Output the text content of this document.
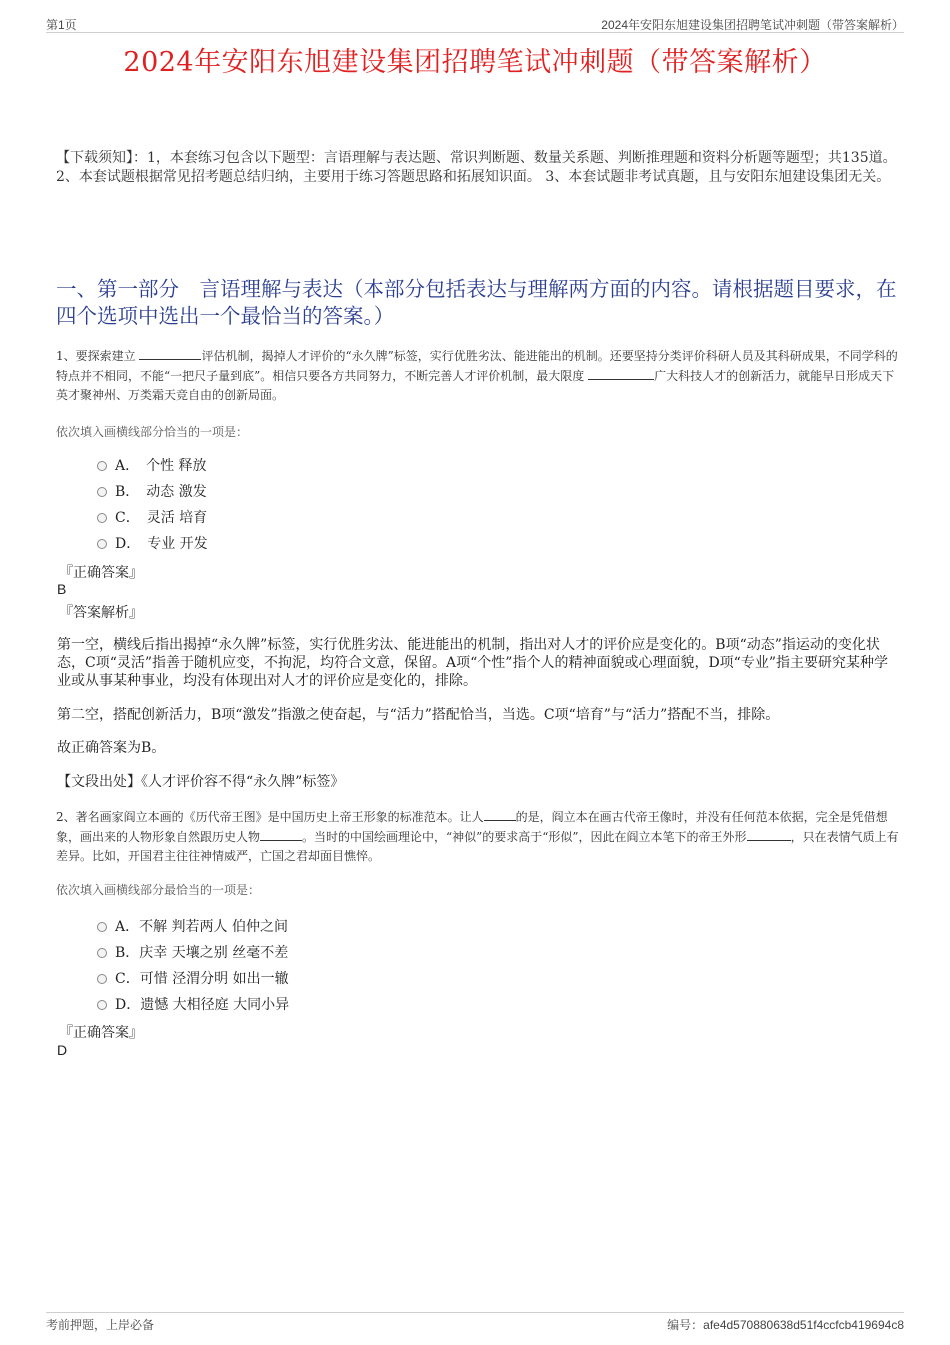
第1页	2024年安阳东旭建设集团招聘笔试冲刺题（带答案解析）
2024年安阳东旭建设集团招聘笔试冲刺题（带答案解析）
【下载须知】：1，本套练习包含以下题型：言语理解与表达题、常识判断题、数量关系题、判断推理题和资料分析题等题型；共135道。 2、本套试题根据常见招考题总结归纳，主要用于练习答题思路和拓展知识面。 3、本套试题非考试真题，且与安阳东旭建设集团无关。
一、第一部分　言语理解与表达（本部分包括表达与理解两方面的内容。请根据题目要求，在四个选项中选出一个最恰当的答案。）
1、要探索建立	评估机制，揭掉人才评价的“永久牌”标签，实行优胜劣汰、能进能出的机制。还要坚持分类评价科研人员及其科研成果，不同学科的特点并不相同，不能“一把尺子量到底”。相信只要各方共同努力，不断完善人才评价机制，最大限度	广大科技人才的创新活力，就能早日形成天下英才聚神州、万类霜天竞自由的创新局面。
依次填入画横线部分恰当的一项是：
A．　个性 释放
B．　动态 激发
C．　灵活 培育
D．　专业 开发
『正确答案』
B
『答案解析』
第一空，横线后指出揭掉“永久牌”标签，实行优胜劣汰、能进能出的机制，指出对人才的评价应是变化的。B项“动态”指运动的变化状态，C项“灵活”指善于随机应变，不拘泥，均符合文意，保留。A项“个性”指个人的精神面貌或心理面貌，D项“专业”指主要研究某种学业或从事某种事业，均没有体现出对人才的评价应是变化的，排除。
第二空，搭配创新活力，B项“激发”指激之使奋起，与“活力”搭配恰当，当选。C项“培育”与“活力”搭配不当，排除。
故正确答案为B。
【文段出处】《人才评价容不得“永久牌”标签》
2、著名画家阎立本画的《历代帝王图》是中国历史上帝王形象的标准范本。让人	的是，阎立本在画古代帝王像时，并没有任何范本依据，完全是凭借想象，画出来的人物形象自然跟历史人物	。当时的中国绘画理论中，“神似”的要求高于“形似”，因此在阎立本笔下的帝王外形	，只在表情气质上有差异。比如，开国君主往往神情威严，亡国之君却面目憔悴。
依次填入画横线部分最恰当的一项是：
A．不解 判若两人 伯仲之间
B．庆幸 天壤之别 丝毫不差
C．可惜 泾渭分明 如出一辙
D．遗憾 大相径庭 大同小异
『正确答案』
D
考前押题，上岸必备	编号：afe4d570880638d51f4ccfcb419694c8
